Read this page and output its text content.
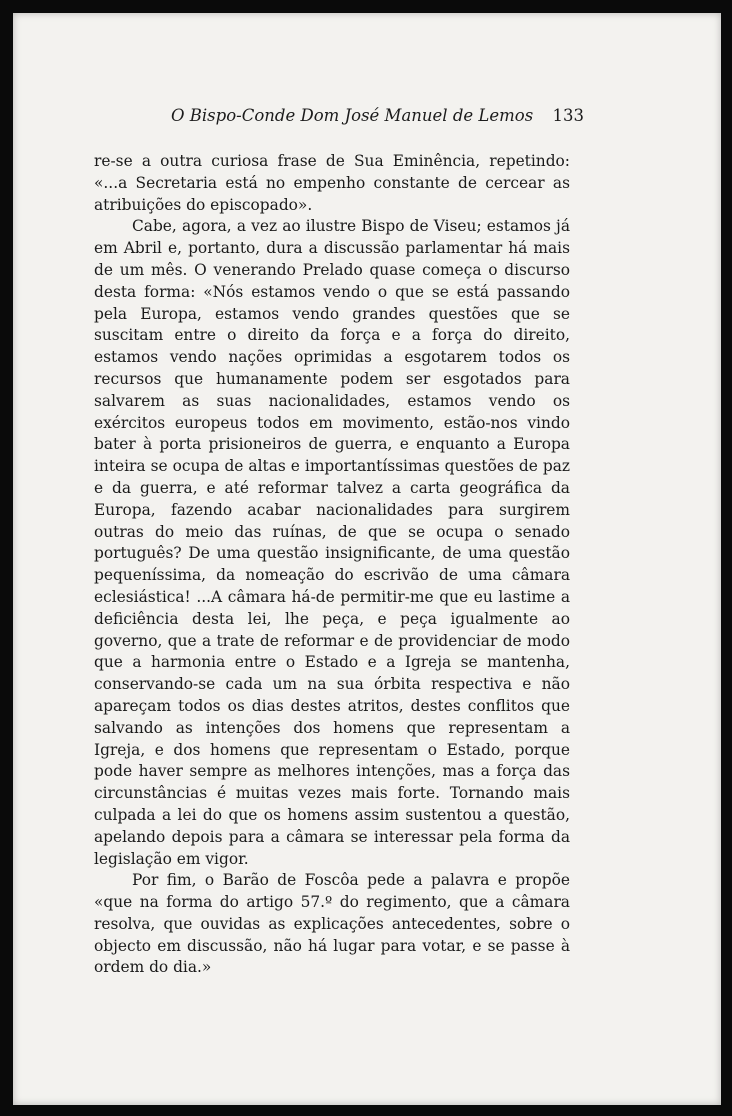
O Bispo-Conde Dom José Manuel de Lemos 133

re-se a outra curiosa frase de Sua Eminência, repetindo: «...a Secretaria está no empenho constante de cercear as atribuições do episcopado».

Cabe, agora, a vez ao ilustre Bispo de Viseu; estamos já em Abril e, portanto, dura a discussão parlamentar há mais de um mês. O venerando Prelado quase começa o discurso desta forma: «Nós estamos vendo o que se está passando pela Europa, estamos vendo grandes questões que se suscitam entre o direito da força e a força do direito, estamos vendo nações oprimidas a esgotarem todos os recursos que humanamente podem ser esgotados para salvarem as suas nacionalidades, estamos vendo os exércitos europeus todos em movimento, estão-nos vindo bater à porta prisioneiros de guerra, e enquanto a Europa inteira se ocupa de altas e importantíssimas questões de paz e da guerra, e até reformar talvez a carta geográfica da Europa, fazendo acabar nacionalidades para surgirem outras do meio das ruínas, de que se ocupa o senado português? De uma questão insignificante, de uma questão pequeníssima, da nomeação do escrivão de uma câmara eclesiástica! ...A câmara há-de permitir-me que eu lastime a deficiência desta lei, lhe peça, e peça igualmente ao governo, que a trate de reformar e de providenciar de modo que a harmonia entre o Estado e a Igreja se mantenha, conservando-se cada um na sua órbita respectiva e não apareçam todos os dias destes atritos, destes conflitos que salvando as intenções dos homens que representam a Igreja, e dos homens que representam o Estado, porque pode haver sempre as melhores intenções, mas a força das circunstâncias é muitas vezes mais forte. Tornando mais culpada a lei do que os homens assim sustentou a questão, apelando depois para a câmara se interessar pela forma da legislação em vigor.

Por fim, o Barão de Foscôa pede a palavra e propõe «que na forma do artigo 57.º do regimento, que a câmara resolva, que ouvidas as explicações antecedentes, sobre o objecto em discussão, não há lugar para votar, e se passe à ordem do dia.»
